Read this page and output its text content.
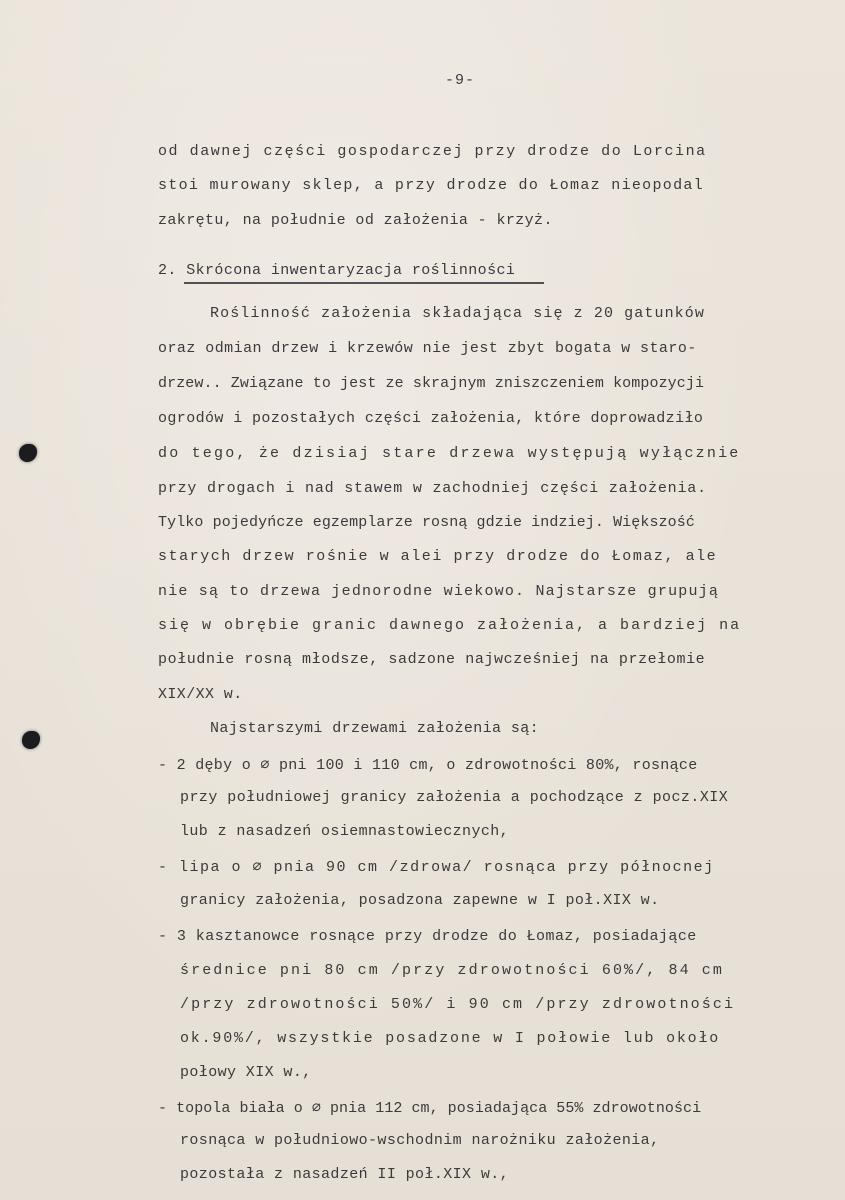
-9-
od dawnej części gospodarczej przy drodze do Lorcina
stoi murowany sklep, a przy drodze do Łomaz nieopodal
zakrętu, na południe od założenia - krzyż.
2. Skrócona inwentaryzacja roślinności
Roślinność założenia składająca się z 20 gatunków
oraz odmian drzew i krzewów nie jest zbyt bogata w staro-
drzew.. Związane to jest ze skrajnym zniszczeniem kompozycji
ogrodów i pozostałych części założenia, które doprowadziło
do tego, że dzisiaj stare drzewa występują wyłącznie
przy drogach i nad stawem w zachodniej części założenia.
Tylko pojedyńcze egzemplarze rosną gdzie indziej. Większość
starych drzew rośnie w alei przy drodze do Łomaz, ale
nie są to drzewa jednorodne wiekowo. Najstarsze grupują
się w obrębie granic dawnego założenia, a bardziej na
południe rosną młodsze, sadzone najwcześniej na przełomie
XIX/XX w.
Najstarszymi drzewami założenia są:
- 2 dęby o ∅ pni 100 i 110 cm, o zdrowotności 80%, rosnące
przy południowej granicy założenia a pochodzące z pocz.XIX
lub z nasadzeń osiemnastowiecznych,
- lipa o ∅ pnia 90 cm /zdrowa/ rosnąca przy północnej
granicy założenia, posadzona zapewne w I poł.XIX w.
- 3 kasztanowce rosnące przy drodze do Łomaz, posiadające
średnice pni 80 cm /przy zdrowotności 60%/, 84 cm
/przy zdrowotności 50%/ i 90 cm /przy zdrowotności
ok.90%/, wszystkie posadzone w I połowie lub około
połowy XIX w.,
- topola biała o ∅ pnia 112 cm, posiadająca 55% zdrowotności
rosnąca w południowo-wschodnim narożniku założenia,
pozostała z nasadzeń II poł.XIX w.,
